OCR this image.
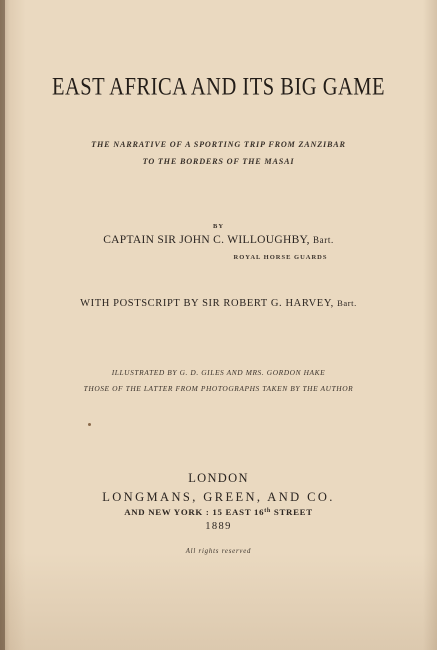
EAST AFRICA AND ITS BIG GAME
THE NARRATIVE OF A SPORTING TRIP FROM ZANZIBAR
TO THE BORDERS OF THE MASAI
BY
CAPTAIN SIR JOHN C. WILLOUGHBY, Bart.
ROYAL HORSE GUARDS
WITH POSTSCRIPT BY SIR ROBERT G. HARVEY, Bart.
ILLUSTRATED BY G. D. GILES AND MRS. GORDON HAKE
THOSE OF THE LATTER FROM PHOTOGRAPHS TAKEN BY THE AUTHOR
LONDON
LONGMANS, GREEN, AND CO.
AND NEW YORK : 15 EAST 16th STREET
1889
All rights reserved
